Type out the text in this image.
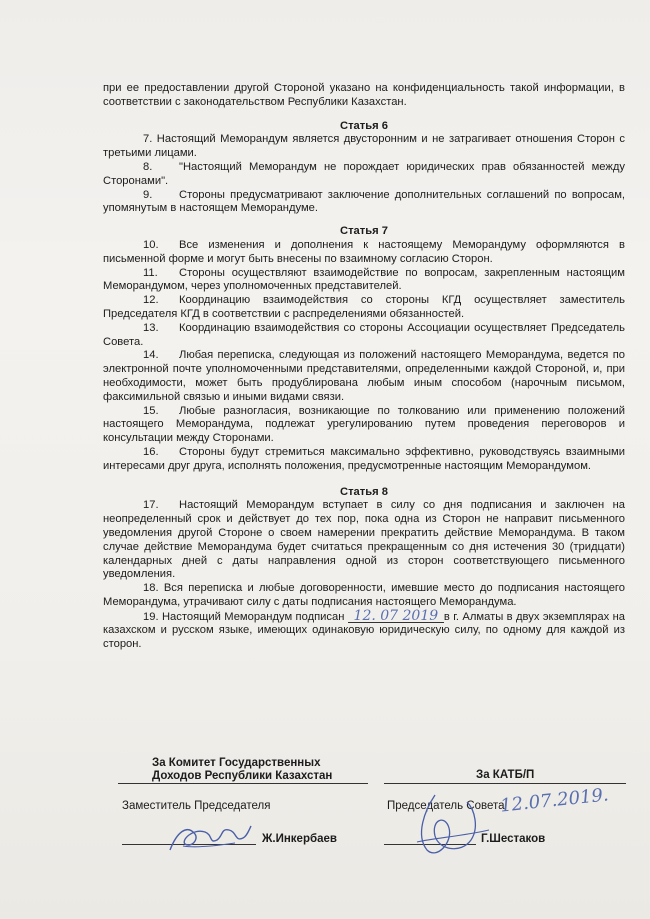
при ее предоставлении другой Стороной указано на конфиденциальность такой информации, в соответствии с законодательством Республики Казахстан.

Статья 6

7. Настоящий Меморандум является двусторонним и не затрагивает отношения Сторон с третьими лицами.

8. "Настоящий Меморандум не порождает юридических прав обязанностей между Сторонами".

9. Стороны предусматривают заключение дополнительных соглашений по вопросам, упомянутым в настоящем Меморандуме.

Статья 7

10. Все изменения и дополнения к настоящему Меморандуму оформляются в письменной форме и могут быть внесены по взаимному согласию Сторон.

11. Стороны осуществляют взаимодействие по вопросам, закрепленным настоящим Меморандумом, через уполномоченных представителей.

12. Координацию взаимодействия со стороны КГД осуществляет заместитель Председателя КГД в соответствии с распределениями обязанностей.

13. Координацию взаимодействия со стороны Ассоциации осуществляет Председатель Совета.

14. Любая переписка, следующая из положений настоящего Меморандума, ведется по электронной почте уполномоченными представителями, определенными каждой Стороной, и, при необходимости, может быть продублирована любым иным способом (нарочным письмом, факсимильной связью и иными видами связи.

15. Любые разногласия, возникающие по толкованию или применению положений настоящего Меморандума, подлежат урегулированию путем проведения переговоров и консультации между Сторонами.

16. Стороны будут стремиться максимально эффективно, руководствуясь взаимными интересами друг друга, исполнять положения, предусмотренные настоящим Меморандумом.

Статья 8

17. Настоящий Меморандум вступает в силу со дня подписания и заключен на неопределенный срок и действует до тех пор, пока одна из Сторон не направит письменного уведомления другой Стороне о своем намерении прекратить действие Меморандума. В таком случае действие Меморандума будет считаться прекращенным со дня истечения 30 (тридцати) календарных дней с даты направления одной из сторон соответствующего письменного уведомления.

18. Вся переписка и любые договоренности, имевшие место до подписания настоящего Меморандума, утрачивают силу с даты подписания настоящего Меморандума.

19. Настоящий Меморандум подписан 12. 07 2019 в г. Алматы в двух экземплярах на казахском и русском языке, имеющих одинаковую юридическую силу, по одному для каждой из сторон.

За Комитет Государственных
Доходов Республики Казахстан	За КАТБ/П
Заместитель Председателя	Председатель Совета
12.07.2019.
Ж.Инкербаев	Г.Шестаков
